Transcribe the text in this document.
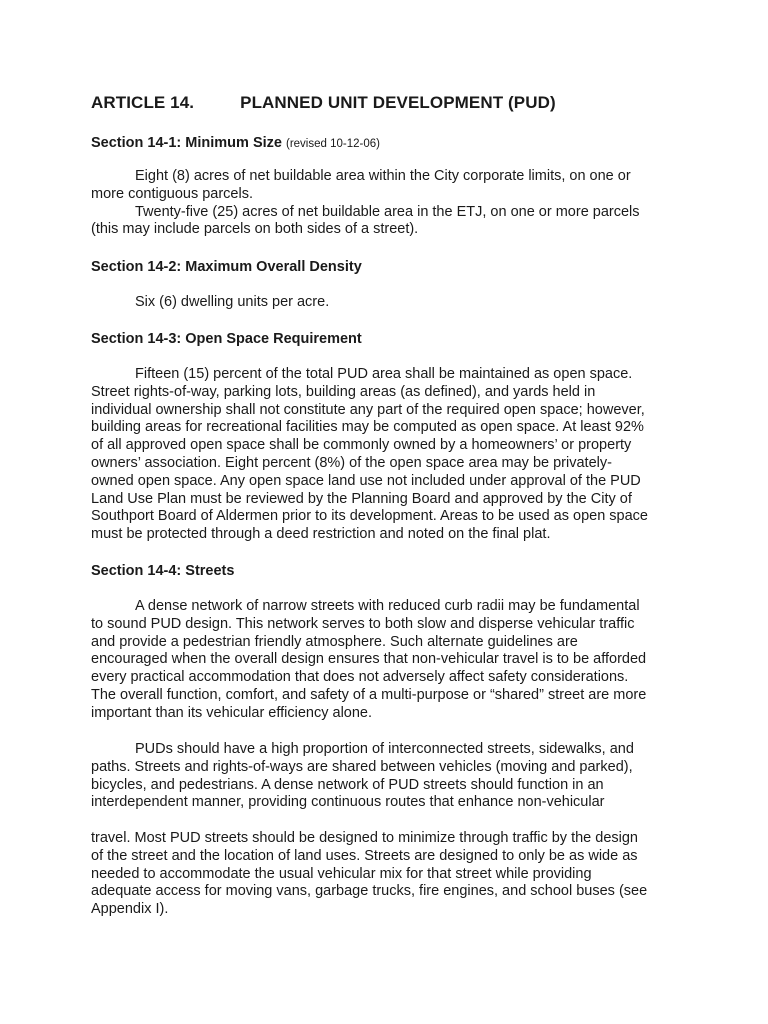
ARTICLE 14.	PLANNED UNIT DEVELOPMENT (PUD)
Section 14-1: Minimum Size (revised 10-12-06)
Eight (8) acres of net buildable area within the City corporate limits, on one or
more contiguous parcels.
Twenty-five (25) acres of net buildable area in the ETJ, on one or more parcels
(this may include parcels on both sides of a street).
Section 14-2: Maximum Overall Density
Six (6) dwelling units per acre.
Section 14-3: Open Space Requirement
Fifteen (15) percent of the total PUD area shall be maintained as open space.
Street rights-of-way, parking lots, building areas (as defined), and yards held in
individual ownership shall not constitute any part of the required open space; however,
building areas for recreational facilities may be computed as open space. At least 92%
of all approved open space shall be commonly owned by a homeowners’ or property
owners’ association. Eight percent (8%) of the open space area may be privately-
owned open space. Any open space land use not included under approval of the PUD
Land Use Plan must be reviewed by the Planning Board and approved by the City of
Southport Board of Aldermen prior to its development. Areas to be used as open space
must be protected through a deed restriction and noted on the final plat.
Section 14-4: Streets
A dense network of narrow streets with reduced curb radii may be fundamental
to sound PUD design. This network serves to both slow and disperse vehicular traffic
and provide a pedestrian friendly atmosphere. Such alternate guidelines are
encouraged when the overall design ensures that non-vehicular travel is to be afforded
every practical accommodation that does not adversely affect safety considerations.
The overall function, comfort, and safety of a multi-purpose or “shared” street are more
important than its vehicular efficiency alone.
PUDs should have a high proportion of interconnected streets, sidewalks, and
paths. Streets and rights-of-ways are shared between vehicles (moving and parked),
bicycles, and pedestrians. A dense network of PUD streets should function in an
interdependent manner, providing continuous routes that enhance non-vehicular
travel. Most PUD streets should be designed to minimize through traffic by the design
of the street and the location of land uses. Streets are designed to only be as wide as
needed to accommodate the usual vehicular mix for that street while providing
adequate access for moving vans, garbage trucks, fire engines, and school buses (see
Appendix I).
